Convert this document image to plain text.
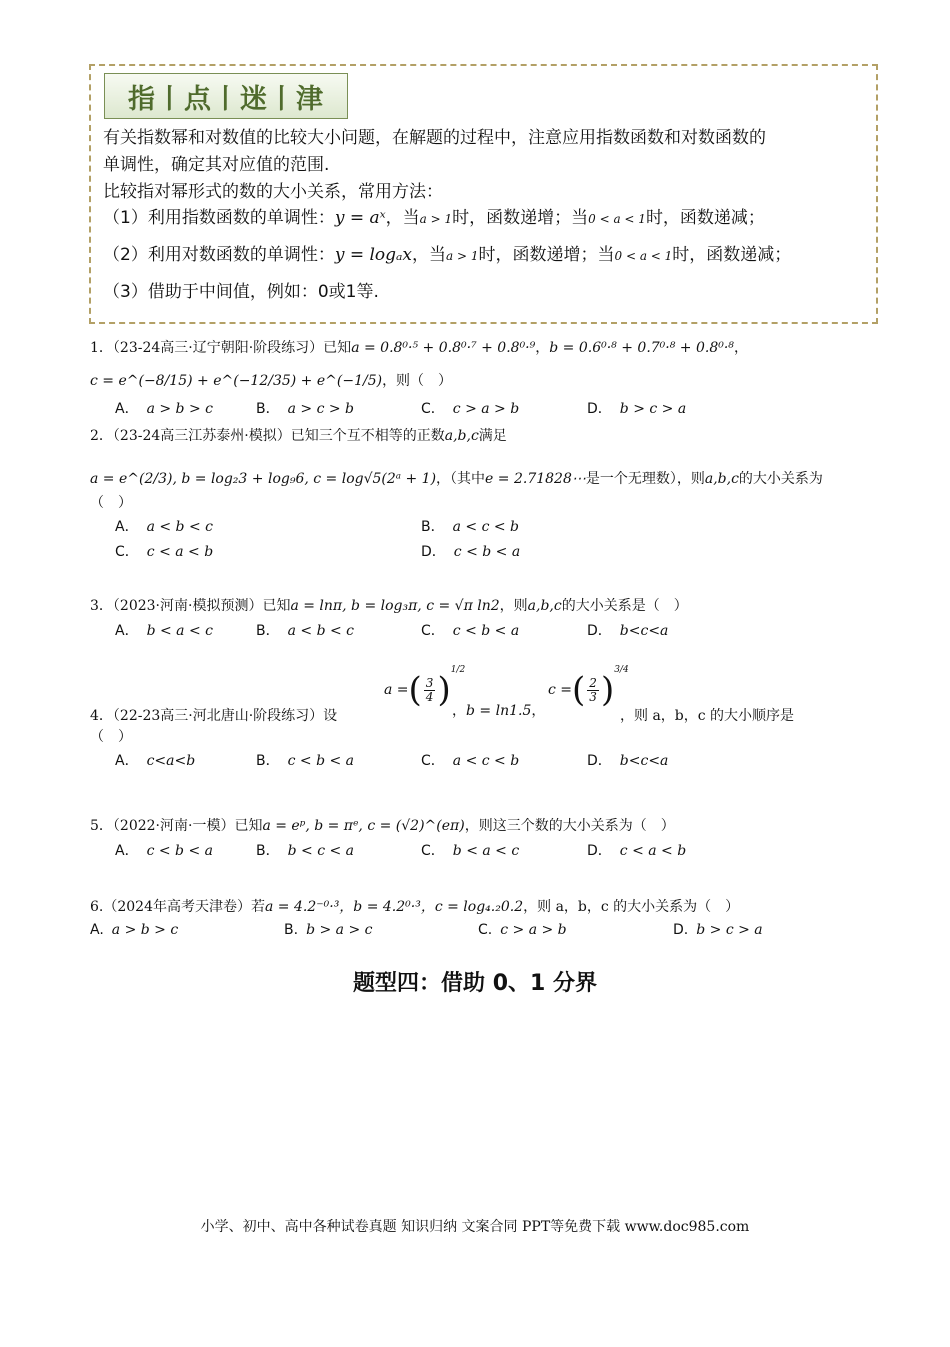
指丨点丨迷丨津
有关指数幂和对数值的比较大小问题，在解题的过程中，注意应用指数函数和对数函数的
单调性，确定其对应值的范围.
比较指对幂形式的数的大小关系，常用方法：
（1）利用指数函数的单调性：y = aˣ，当a > 1时，函数递增；当0 < a < 1时，函数递减；
（2）利用对数函数的单调性：y = logₐx，当a > 1时，函数递增；当0 < a < 1时，函数递减；
（3）借助于中间值，例如：0或1等.
1．（23-24高三·辽宁朝阳·阶段练习）已知a = 0.8⁰·⁵ + 0.8⁰·⁷ + 0.8⁰·⁹，b = 0.6⁰·⁸ + 0.7⁰·⁸ + 0.8⁰·⁸，
c = e^(−8/15) + e^(−12/35) + e^(−1/5)，则（　）
A． a > b > c	B． a > c > b	C． c > a > b	D． b > c > a
2．（23-24高三江苏泰州·模拟）已知三个互不相等的正数a,b,c满足
a = e^(2/3), b = log₂3 + log₉6, c = log√5(2ᵃ + 1)，（其中e = 2.71828⋯是一个无理数），则a,b,c的大小关系为
（　）
A． a < b < c	B． a < c < b
C． c < a < b	D． c < b < a
3．（2023·河南·模拟预测）已知a = lnπ, b = log₃π, c = √π ln2，则a,b,c的大小关系是（　）
A． b < a < c	B． a < b < c	C． c < b < a	D． b<c<a
4．（22-23高三·河北唐山·阶段练习）设
a =( $\frac{3}{4} )^{1/2}$
，b = ln1.5，
c =( $\frac{2}{3} )^{3/4}$
，则 a，b，c 的大小顺序是
（　）
A． c<a<b	B． c < b < a	C． a < c < b	D． b<c<a
5．（2022·河南·一模）已知a = eᵖ, b = πᵉ, c = (√2)^(eπ)，则这三个数的大小关系为（　）
A． c < b < a	B． b < c < a	C． b < a < c	D． c < a < b
6.（2024年高考天津卷）若a = 4.2⁻⁰·³，b = 4.2⁰·³，c = log₄.₂0.2，则 a，b，c 的大小关系为（　）
A. a > b > c	B. b > a > c	C. c > a > b	D. b > c > a
题型四：借助 0、1 分界
小学、初中、高中各种试卷真题 知识归纳 文案合同 PPT等免费下载 www.doc985.com
